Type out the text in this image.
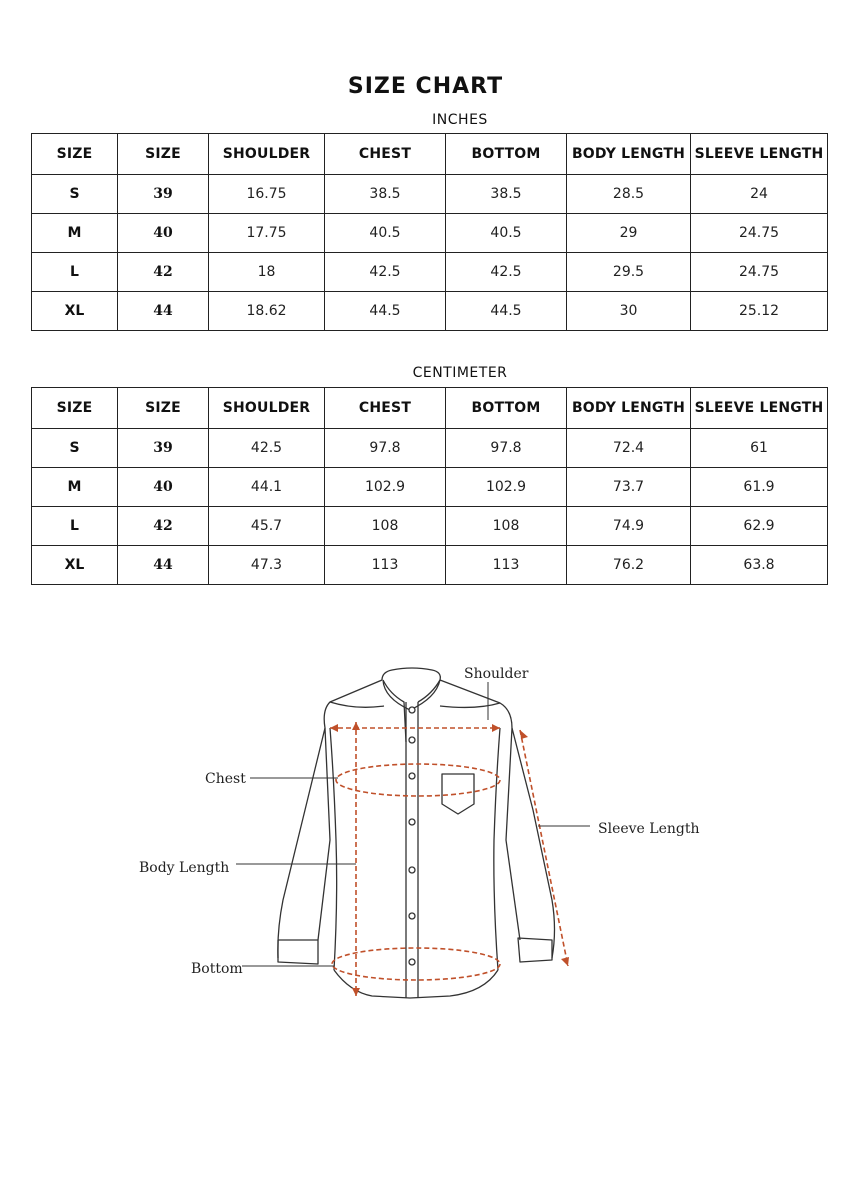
SIZE CHART
INCHES
SIZE	SIZE	SHOULDER	CHEST	BOTTOM	BODY LENGTH	SLEEVE LENGTH
S	39	16.75	38.5	38.5	28.5	24
M	40	17.75	40.5	40.5	29	24.75
L	42	18	42.5	42.5	29.5	24.75
XL	44	18.62	44.5	44.5	30	25.12
CENTIMETER
SIZE	SIZE	SHOULDER	CHEST	BOTTOM	BODY LENGTH	SLEEVE LENGTH
S	39	42.5	97.8	97.8	72.4	61
M	40	44.1	102.9	102.9	73.7	61.9
L	42	45.7	108	108	74.9	62.9
XL	44	47.3	113	113	76.2	63.8
Shoulder
Chest
Sleeve Length
Body Length
Bottom
